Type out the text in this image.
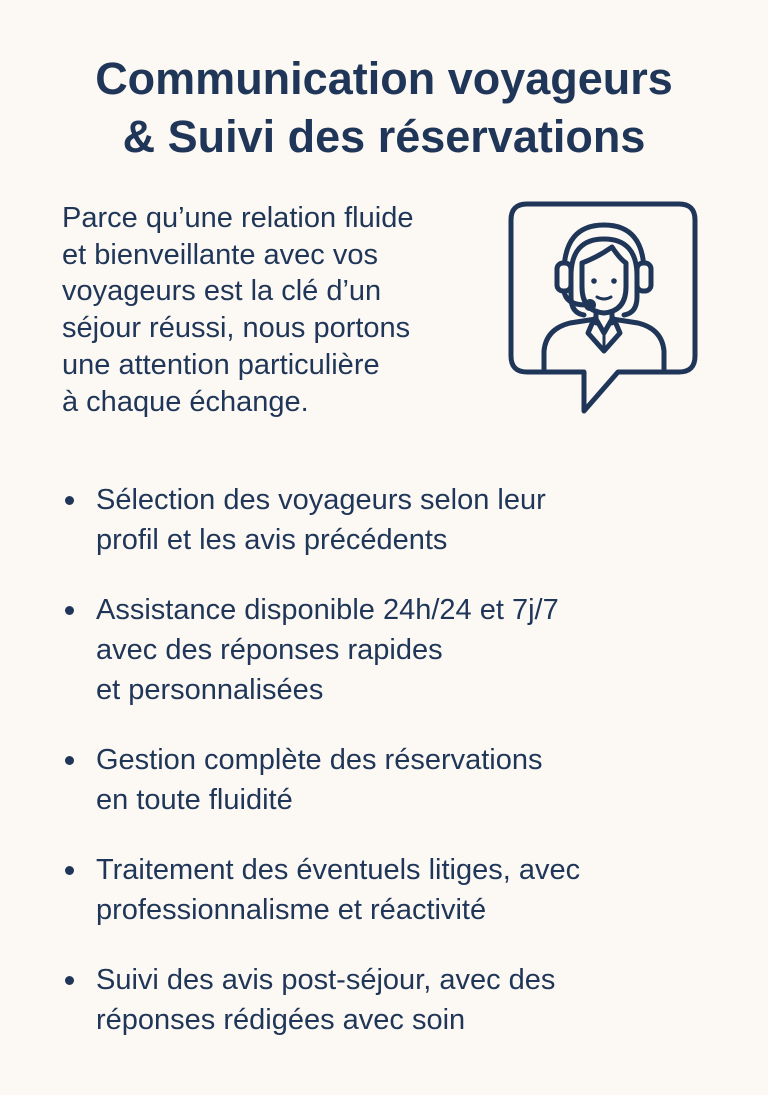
Communication voyageurs
& Suivi des réservations

Parce qu’une relation fluide
et bienveillante avec vos
voyageurs est la clé d’un
séjour réussi, nous portons
une attention particulière
à chaque échange.

Sélection des voyageurs selon leur
profil et les avis précédents
Assistance disponible 24h/24 et 7j/7
avec des réponses rapides
et personnalisées
Gestion complète des réservations
en toute fluidité
Traitement des éventuels litiges, avec
professionnalisme et réactivité
Suivi des avis post-séjour, avec des
réponses rédigées avec soin
